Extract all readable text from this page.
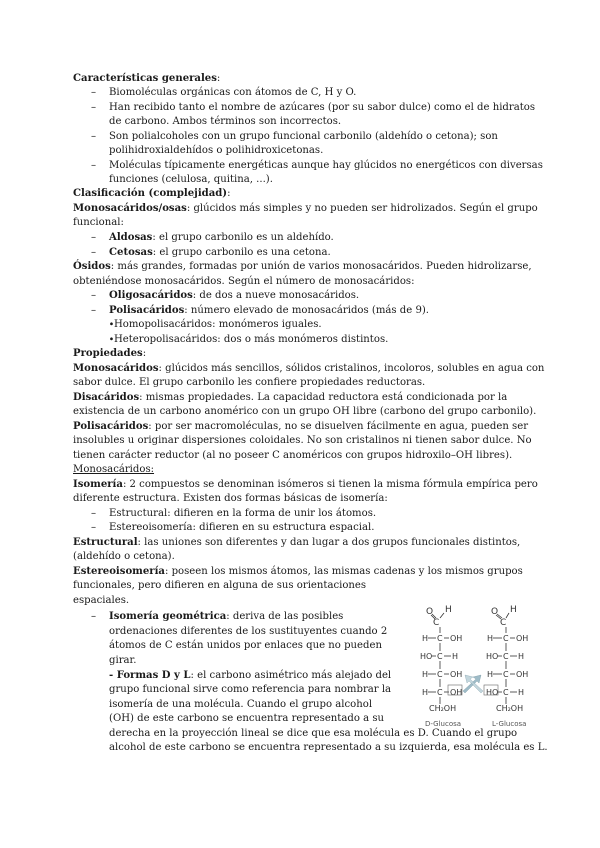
Características generales:
–
Biomoléculas orgánicas con átomos de C, H y O.
–
Han recibido tanto el nombre de azúcares (por su sabor dulce) como el de hidratos
de carbono. Ambos términos son incorrectos.
–
Son polialcoholes con un grupo funcional carbonilo (aldehído o cetona); son
polihidroxialdehídos o polihidroxicetonas.
–
Moléculas típicamente energéticas aunque hay glúcidos no energéticos con diversas
funciones (celulosa, quitina, ...).
Clasificación (complejidad):
Monosacáridos/osas: glúcidos más simples y no pueden ser hidrolizados. Según el grupo
funcional:
–
Aldosas: el grupo carbonilo es un aldehído.
–
Cetosas: el grupo carbonilo es una cetona.
Ósidos: más grandes, formadas por unión de varios monosacáridos. Pueden hidrolizarse,
obteniéndose monosacáridos. Según el número de monosacáridos:
–
Oligosacáridos: de dos a nueve monosacáridos.
–
Polisacáridos: número elevado de monosacáridos (más de 9).
∙Homopolisacáridos: monómeros iguales.
∙Heteropolisacáridos: dos o más monómeros distintos.
Propiedades:
Monosacáridos: glúcidos más sencillos, sólidos cristalinos, incoloros, solubles en agua con
sabor dulce. El grupo carbonilo les confiere propiedades reductoras.
Disacáridos: mismas propiedades. La capacidad reductora está condicionada por la
existencia de un carbono anomérico con un grupo OH libre (carbono del grupo carbonilo).
Polisacáridos: por ser macromoléculas, no se disuelven fácilmente en agua, pueden ser
insolubles u originar dispersiones coloidales. No son cristalinos ni tienen sabor dulce. No
tienen carácter reductor (al no poseer C anoméricos con grupos hidroxilo–OH libres).
Monosacáridos:
Isomería: 2 compuestos se denominan isómeros si tienen la misma fórmula empírica pero
diferente estructura. Existen dos formas básicas de isomería:
–
Estructural: difieren en la forma de unir los átomos.
–
Estereoisomería: difieren en su estructura espacial.
Estructural: las uniones son diferentes y dan lugar a dos grupos funcionales distintos,
(aldehído o cetona).
Estereoisomería: poseen los mismos átomos, las mismas cadenas y los mismos grupos
funcionales, pero difieren en alguna de sus orientaciones
espaciales.
–
Isomería geométrica: deriva de las posibles
ordenaciones diferentes de los sustituyentes cuando 2
átomos de C están unidos por enlaces que no pueden
girar.
- Formas D y L: el carbono asimétrico más alejado del
grupo funcional sirve como referencia para nombrar la
isomería de una molécula. Cuando el grupo alcohol
(OH) de este carbono se encuentra representado a su
derecha en la proyección lineal se dice que esa molécula es D. Cuando el grupo
alcohol de este carbono se encuentra representado a su izquierda, esa molécula es L.
O H
C
H C OH
HO C H
H C OH
H C OH
CH₂OH
D-Glucosa
O H
C
H C OH
HO C H
H C OH
HO C H
CH₂OH
L-Glucosa
